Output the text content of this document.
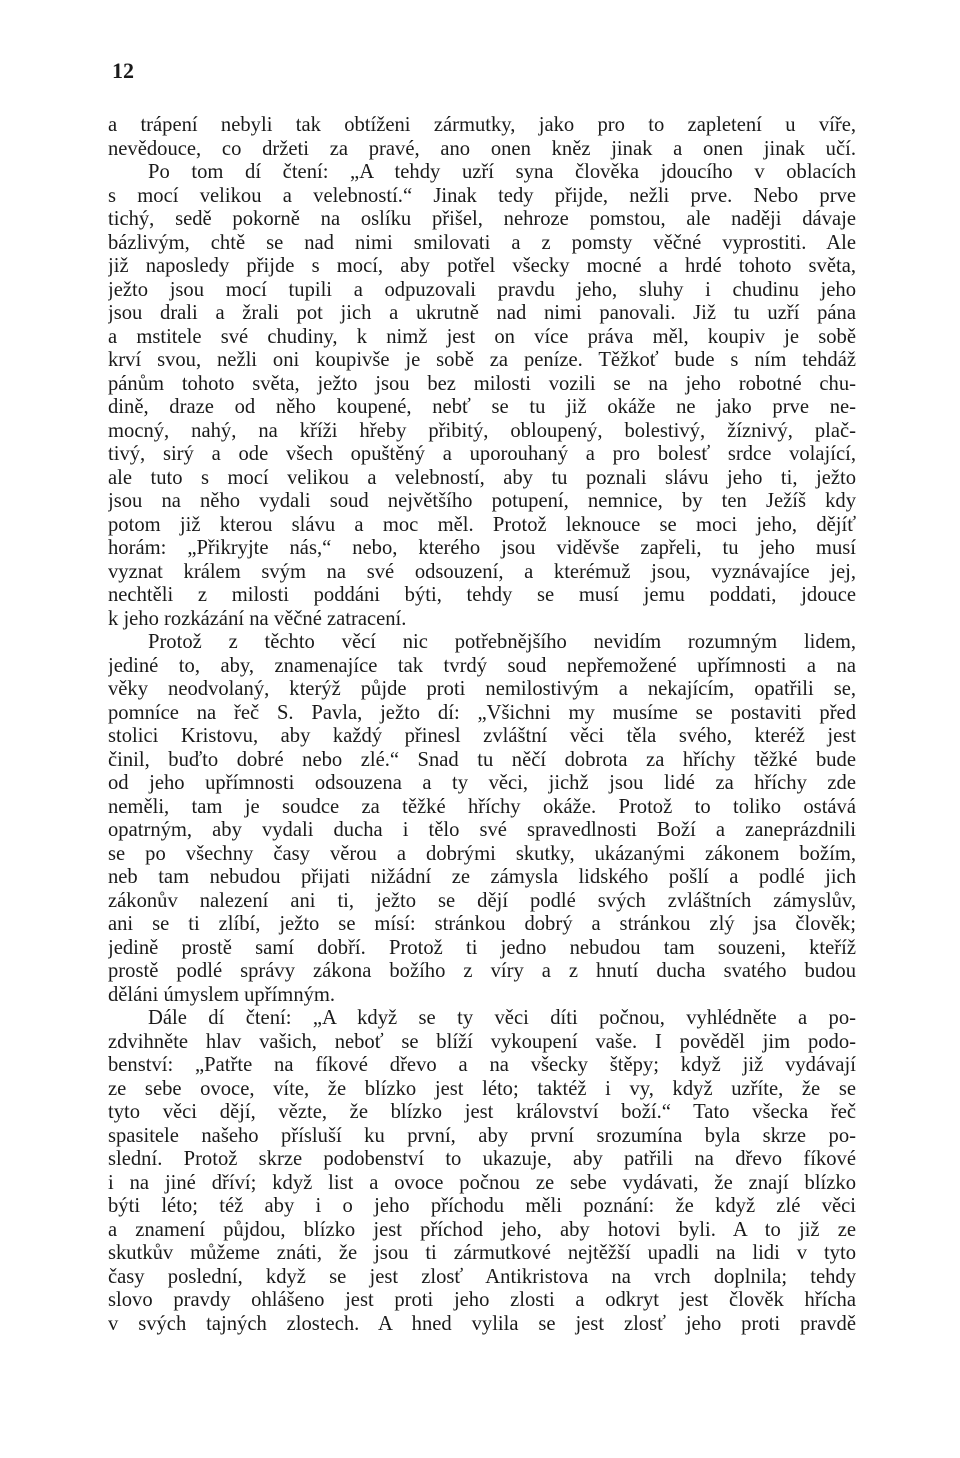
12
a trápení nebyli tak obtíženi zármutky, jako pro to zapletení u víře,
nevědouce, co držeti za pravé, ano onen kněz jinak a onen jinak učí.
Po tom dí čtení: „A tehdy uzří syna člověka jdoucího v oblacích
s mocí velikou a velebností.“ Jinak tedy přijde, nežli prve. Nebo prve
tichý, sedě pokorně na oslíku přišel, nehroze pomstou, ale naději dávaje
bázlivým, chtě se nad nimi smilovati a z pomsty věčné vyprostiti. Ale
již naposledy přijde s mocí, aby potřel všecky mocné a hrdé tohoto světa,
ježto jsou mocí tupili a odpuzovali pravdu jeho, sluhy i chudinu jeho
jsou drali a žrali pot jich a ukrutně nad nimi panovali. Již tu uzří pána
a mstitele své chudiny, k nimž jest on více práva měl, koupiv je sobě
krví svou, nežli oni koupivše je sobě za peníze. Těžkoť bude s ním tehdáž
pánům tohoto světa, ježto jsou bez milosti vozili se na jeho robotné chu-
dině, draze od něho koupené, nebť se tu již okáže ne jako prve ne-
mocný, nahý, na kříži hřeby přibitý, obloupený, bolestivý, žíznivý, plač-
tivý, sirý a ode všech opuštěný a uporouhaný a pro bolesť srdce volající,
ale tuto s mocí velikou a velebností, aby tu poznali slávu jeho ti, ježto
jsou na něho vydali soud největšího potupení, nemnice, by ten Ježíš kdy
potom již kterou slávu a moc měl. Protož leknouce se moci jeho, dějíť
horám: „Přikryjte nás,“ nebo, kterého jsou viděvše zapřeli, tu jeho musí
vyznat králem svým na své odsouzení, a kterémuž jsou, vyznávajíce jej,
nechtěli z milosti poddáni býti, tehdy se musí jemu poddati, jdouce
k jeho rozkázání na věčné zatracení.
Protož z těchto věcí nic potřebnějšího nevidím rozumným lidem,
jediné to, aby, znamenajíce tak tvrdý soud nepřemožené upřímnosti a na
věky neodvolaný, kterýž půjde proti nemilostivým a nekajícím, opatřili se,
pomníce na řeč S. Pavla, ježto dí: „Všichni my musíme se postaviti před
stolici Kristovu, aby každý přinesl zvláštní věci těla svého, kteréž jest
činil, buďto dobré nebo zlé.“ Snad tu něčí dobrota za hříchy těžké bude
od jeho upřímnosti odsouzena a ty věci, jichž jsou lidé za hříchy zde
neměli, tam je soudce za těžké hříchy okáže. Protož to toliko ostává
opatrným, aby vydali ducha i tělo své spravedlnosti Boží a zaneprázdnili
se po všechny časy věrou a dobrými skutky, ukázanými zákonem božím,
neb tam nebudou přijati nižádní ze zámysla lidského pošlí a podlé jich
zákonův nalezení ani ti, ježto se dějí podlé svých zvláštních zámyslův,
ani se ti zlíbí, ježto se mísí: stránkou dobrý a stránkou zlý jsa člověk;
jedině prostě samí dobří. Protož ti jedno nebudou tam souzeni, kteříž
prostě podlé správy zákona božího z víry a z hnutí ducha svatého budou
děláni úmyslem upřímným.
Dále dí čtení: „A když se ty věci díti počnou, vyhlédněte a po-
zdvihněte hlav vašich, neboť se blíží vykoupení vaše. I pověděl jim podo-
benství: „Patřte na fíkové dřevo a na všecky štěpy; když již vydávají
ze sebe ovoce, víte, že blízko jest léto; taktéž i vy, když uzříte, že se
tyto věci dějí, vězte, že blízko jest království boží.“ Tato všecka řeč
spasitele našeho přísluší ku první, aby první srozumína byla skrze po-
slední. Protož skrze podobenství to ukazuje, aby patřili na dřevo fíkové
i na jiné dříví; když list a ovoce počnou ze sebe vydávati, že znají blízko
býti léto; též aby i o jeho příchodu měli poznání: že když zlé věci
a znamení půjdou, blízko jest příchod jeho, aby hotovi byli. A to již ze
skutkův můžeme znáti, že jsou ti zármutkové nejtěžší upadli na lidi v tyto
časy poslední, když se jest zlosť Antikristova na vrch doplnila; tehdy
slovo pravdy ohlášeno jest proti jeho zlosti a odkryt jest člověk hřícha
v svých tajných zlostech. A hned vylila se jest zlosť jeho proti pravdě
